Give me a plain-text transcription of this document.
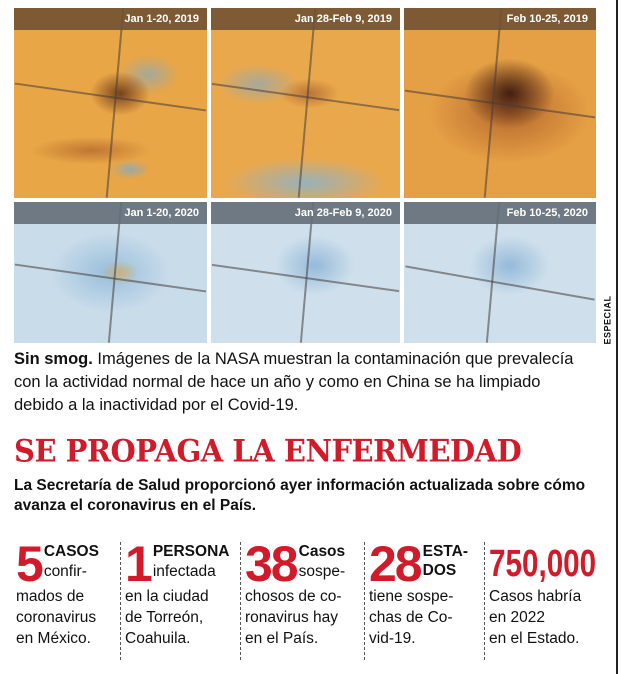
Jan 1-20, 2019	Jan 28-Feb 9, 2019	Feb 10-25, 2019
Jan 1-20, 2020	Jan 28-Feb 9, 2020	Feb 10-25, 2020
ESPECIAL
Sin smog. Imágenes de la NASA muestran la contaminación que prevalecía con la actividad normal de hace un año y como en China se ha limpiado debido a la inactividad por el Covid-19.
SE PROPAGA LA ENFERMEDAD
La Secretaría de Salud proporcionó ayer información actualizada sobre cómo avanza el coronavirus en el País.
5 CASOS
confir-
mados de
coronavirus
en México.
1 PERSONA
infectada
en la ciudad
de Torreón,
Coahuila.
38 Casos
sospe-
chosos de co-
ronavirus hay
en el País.
28 ESTA-
DOS
tiene sospe-
chas de Co-
vid-19.
750,000
Casos habría
en 2022
en el Estado.
